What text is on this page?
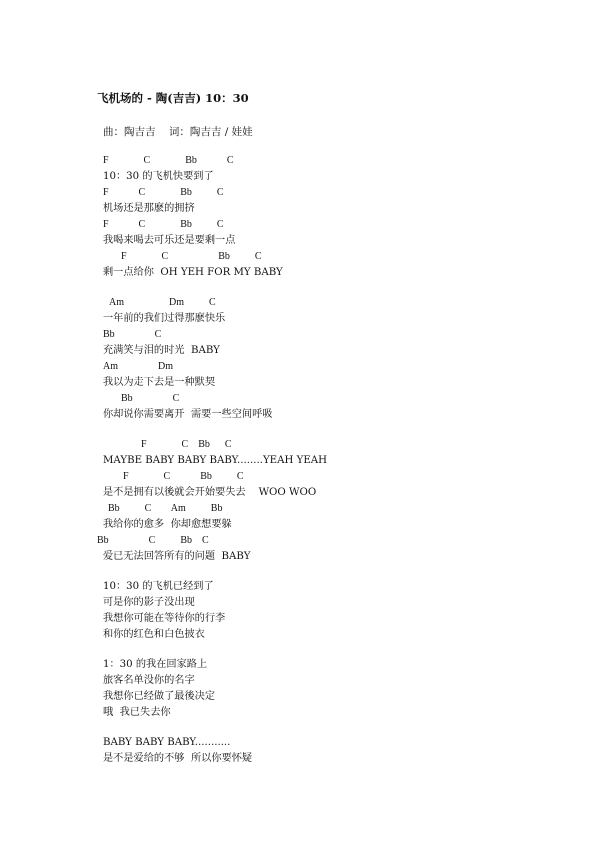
飞机场的 - 陶(吉吉) 10：30
曲：陶吉吉    词：陶吉吉 / 娃娃
F              C              Bb            C
10：30 的飞机快要到了
F            C              Bb          C
机场还是那麽的拥挤
F            C              Bb          C
我喝来喝去可乐还是要剩一点
F              C                    Bb          C
剩一点给你  OH YEH FOR MY BABY
Am                  Dm          C
一年前的我们过得那麽快乐
Bb                C
充满笑与泪的时光  BABY
Am                Dm
我以为走下去是一种默契
Bb                C
你却说你需要离开  需要一些空间呼吸
F              C    Bb      C
MAYBE BABY BABY BABY........YEAH YEAH
F              C            Bb          C
是不是拥有以後就会开始要失去    WOO WOO
Bb          C        Am          Bb
我给你的愈多  你却愈想要躲
Bb                C          Bb    C
爱已无法回答所有的问题  BABY
10：30 的飞机已经到了
可是你的影子没出现
我想你可能在等待你的行李
和你的红色和白色披衣
1：30 的我在回家路上
旅客名单没你的名字
我想你已经做了最後决定
哦  我已失去你
BABY BABY BABY...........
是不是爱给的不够  所以你要怀疑
